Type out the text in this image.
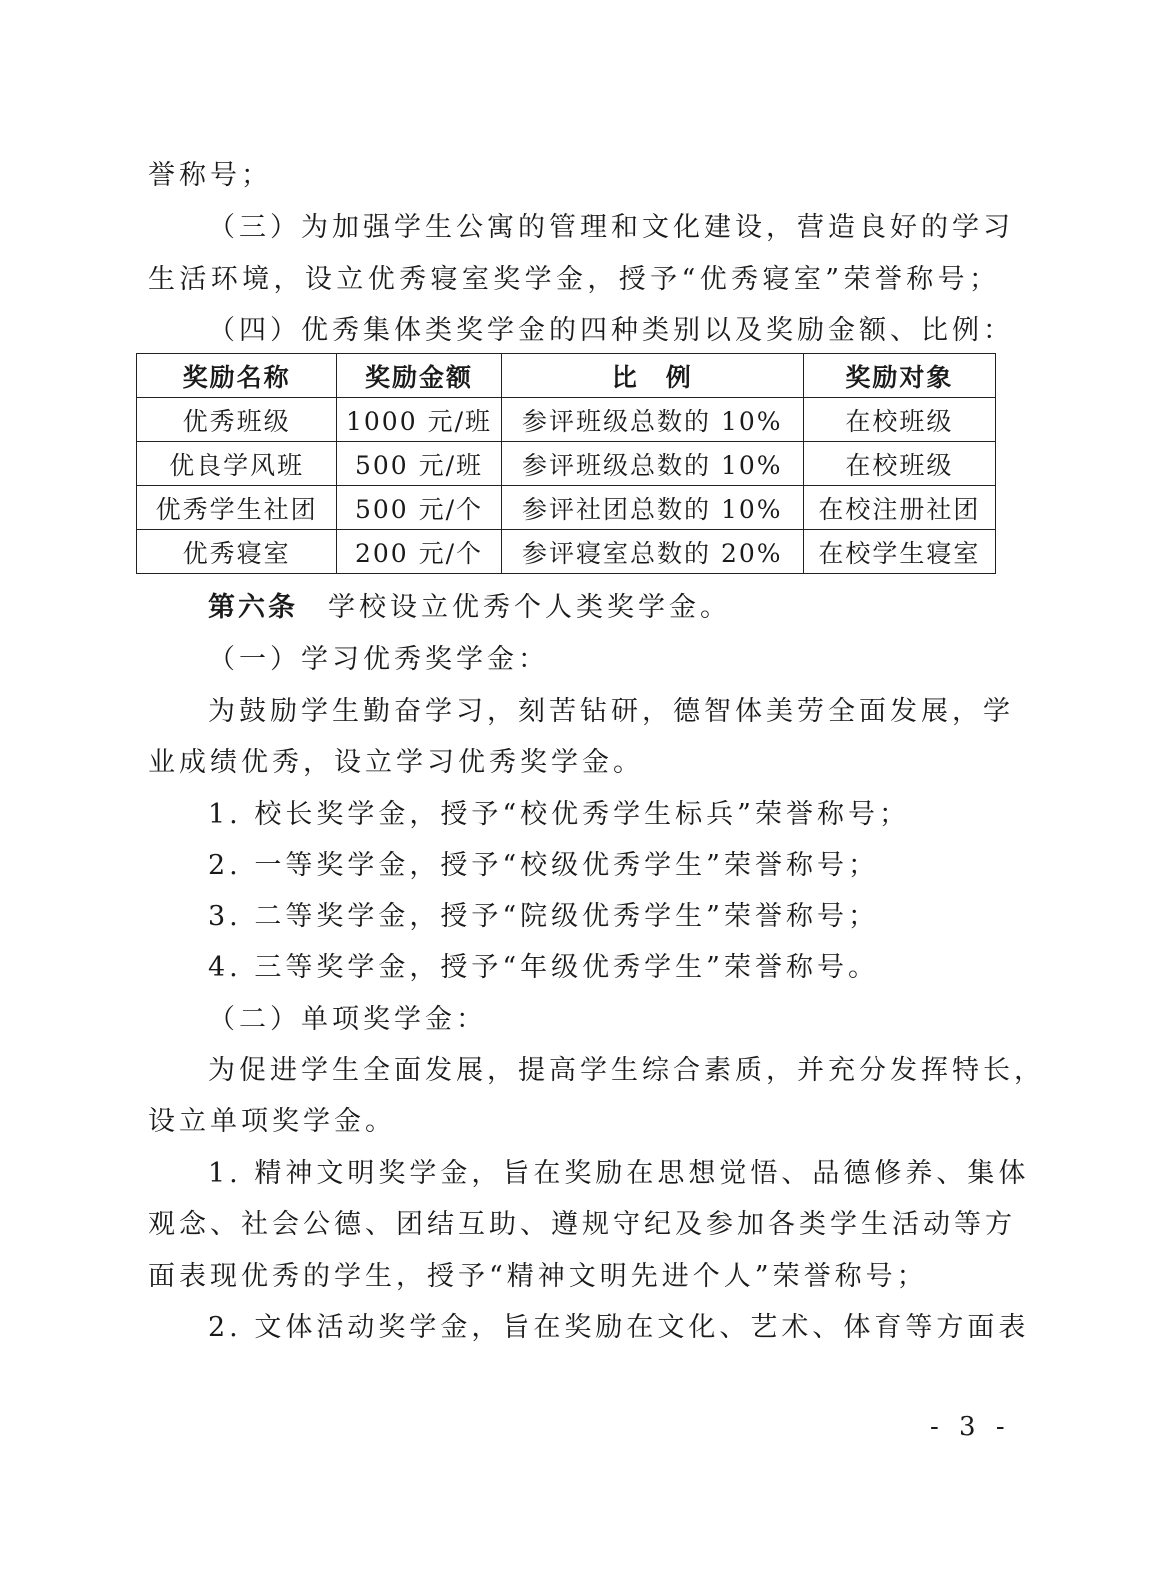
誉称号；
（三）为加强学生公寓的管理和文化建设，营造良好的学习
生活环境，设立优秀寝室奖学金，授予“优秀寝室”荣誉称号；
（四）优秀集体类奖学金的四种类别以及奖励金额、比例：
奖励名称	奖励金额	比　例	奖励对象
优秀班级	1000 元/班	参评班级总数的 10%	在校班级
优良学风班	500 元/班	参评班级总数的 10%	在校班级
优秀学生社团	500 元/个	参评社团总数的 10%	在校注册社团
优秀寝室	200 元/个	参评寝室总数的 20%	在校学生寝室
第六条 学校设立优秀个人类奖学金。
（一）学习优秀奖学金：
为鼓励学生勤奋学习，刻苦钻研，德智体美劳全面发展，学
业成绩优秀，设立学习优秀奖学金。
1. 校长奖学金，授予“校优秀学生标兵”荣誉称号；
2. 一等奖学金，授予“校级优秀学生”荣誉称号；
3. 二等奖学金，授予“院级优秀学生”荣誉称号；
4. 三等奖学金，授予“年级优秀学生”荣誉称号。
（二）单项奖学金：
为促进学生全面发展，提高学生综合素质，并充分发挥特长，
设立单项奖学金。
1. 精神文明奖学金，旨在奖励在思想觉悟、品德修养、集体
观念、社会公德、团结互助、遵规守纪及参加各类学生活动等方
面表现优秀的学生，授予“精神文明先进个人”荣誉称号；
2. 文体活动奖学金，旨在奖励在文化、艺术、体育等方面表
- 3 -
